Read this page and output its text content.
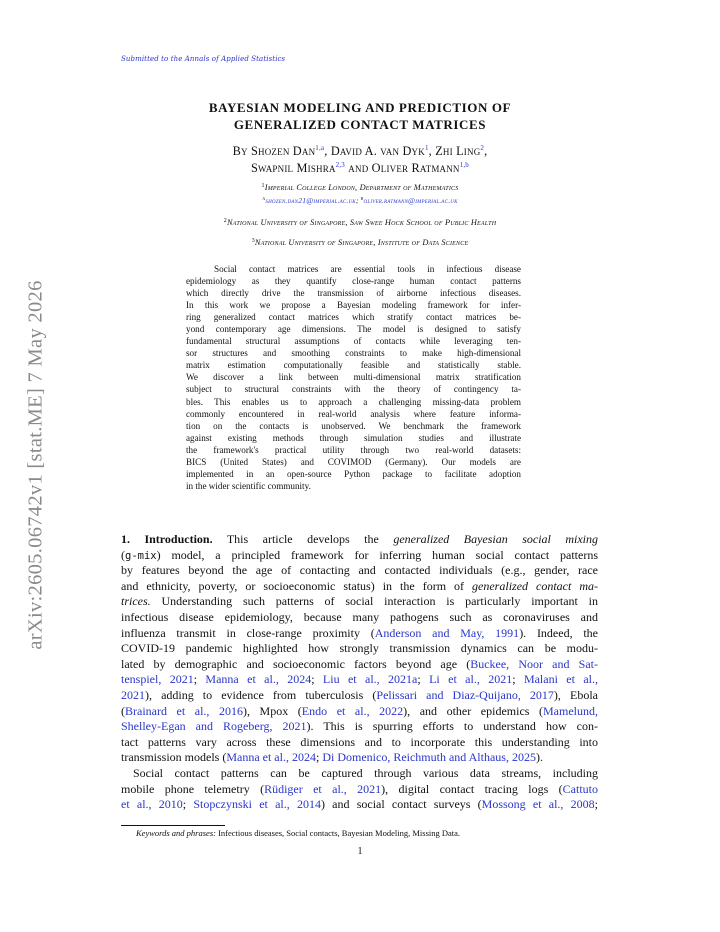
Submitted to the Annals of Applied Statistics
arXiv:2605.06742v1 [stat.ME] 7 May 2026
BAYESIAN MODELING AND PREDICTION OF
GENERALIZED CONTACT MATRICES
By Shozen Dan$^{1,a}$, David A. van Dyk$^1$, Zhi Ling$^2$,
Swapnil Mishra$^{2,3}$ and Oliver Ratmann$^{1,b}$
$^1$Imperial College London, Department of Mathematics
$^a$shozen.dan21@imperial.ac.uk; $^b$oliver.ratmann@imperial.ac.uk
$^2$National University of Singapore, Saw Swee Hock School of Public Health
$^3$National University of Singapore, Institute of Data Science
Social contact matrices are essential tools in infectious disease
epidemiology as they quantify close-range human contact patterns
which directly drive the transmission of airborne infectious diseases.
In this work we propose a Bayesian modeling framework for infer-
ring generalized contact matrices which stratify contact matrices be-
yond contemporary age dimensions. The model is designed to satisfy
fundamental structural assumptions of contacts while leveraging ten-
sor structures and smoothing constraints to make high-dimensional
matrix estimation computationally feasible and statistically stable.
We discover a link between multi-dimensional matrix stratification
subject to structural constraints with the theory of contingency ta-
bles. This enables us to approach a challenging missing-data problem
commonly encountered in real-world analysis where feature informa-
tion on the contacts is unobserved. We benchmark the framework
against existing methods through simulation studies and illustrate
the framework's practical utility through two real-world datasets:
BICS (United States) and COVIMOD (Germany). Our models are
implemented in an open-source Python package to facilitate adoption
in the wider scientific community.
1. Introduction. This article develops the generalized Bayesian social mixing
(g-mix) model, a principled framework for inferring human social contact patterns
by features beyond the age of contacting and contacted individuals (e.g., gender, race
and ethnicity, poverty, or socioeconomic status) in the form of generalized contact ma-
trices. Understanding such patterns of social interaction is particularly important in
infectious disease epidemiology, because many pathogens such as coronaviruses and
influenza transmit in close-range proximity (Anderson and May, 1991). Indeed, the
COVID-19 pandemic highlighted how strongly transmission dynamics can be modu-
lated by demographic and socioeconomic factors beyond age (Buckee, Noor and Sat-
tenspiel, 2021; Manna et al., 2024; Liu et al., 2021a; Li et al., 2021; Malani et al.,
2021), adding to evidence from tuberculosis (Pelissari and Diaz-Quijano, 2017), Ebola
(Brainard et al., 2016), Mpox (Endo et al., 2022), and other epidemics (Mamelund,
Shelley-Egan and Rogeberg, 2021). This is spurring efforts to understand how con-
tact patterns vary across these dimensions and to incorporate this understanding into
transmission models (Manna et al., 2024; Di Domenico, Reichmuth and Althaus, 2025).
Social contact patterns can be captured through various data streams, including
mobile phone telemetry (Rüdiger et al., 2021), digital contact tracing logs (Cattuto
et al., 2010; Stopczynski et al., 2014) and social contact surveys (Mossong et al., 2008;
Keywords and phrases: Infectious diseases, Social contacts, Bayesian Modeling, Missing Data.
1
